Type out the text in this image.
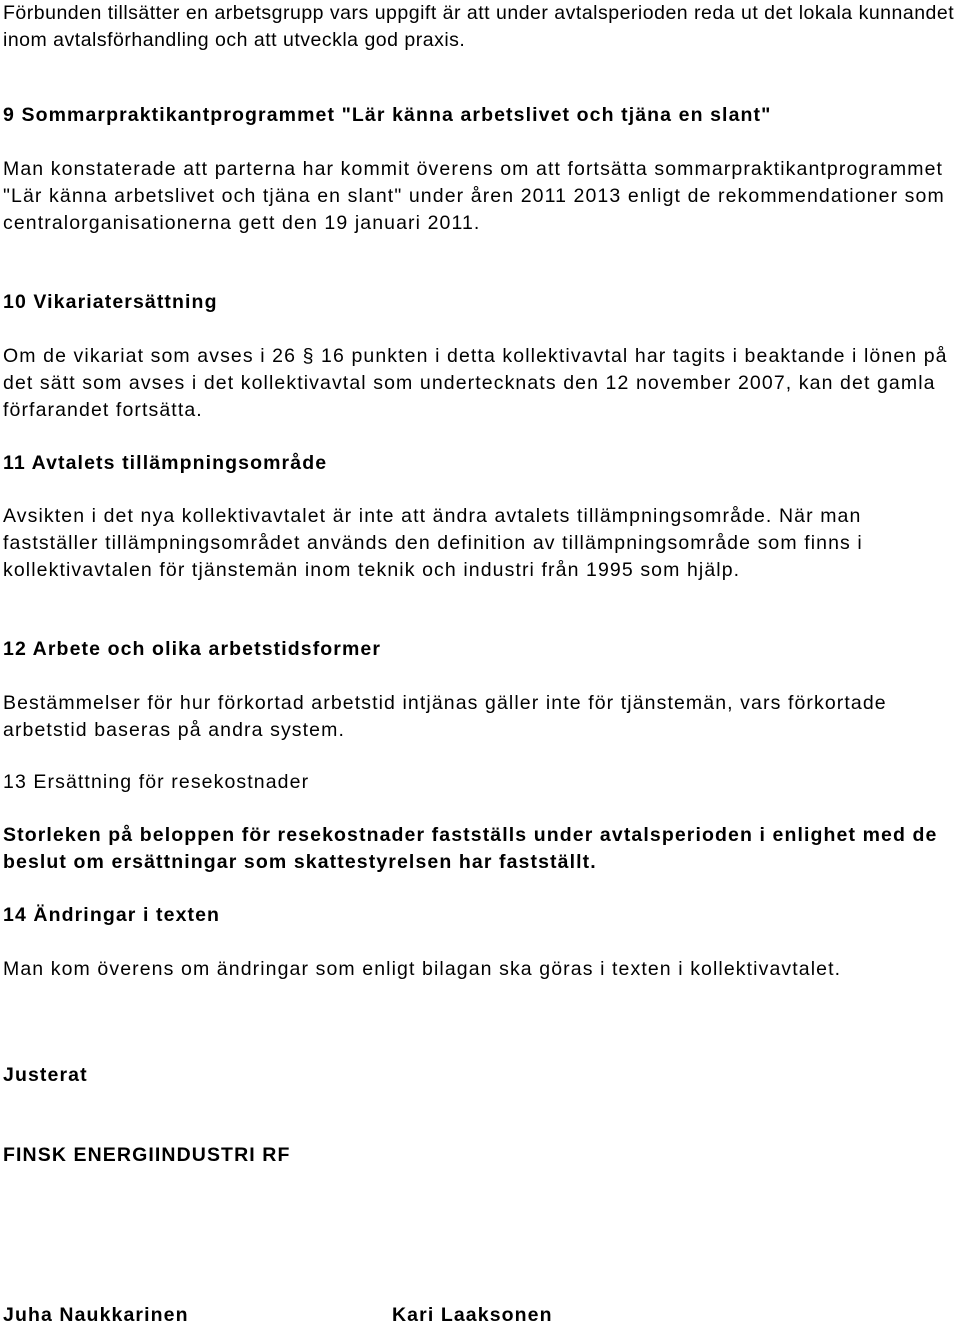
Förbunden tillsätter en arbetsgrupp vars uppgift är att under avtalsperioden reda ut det lokala kunnandet inom avtalsförhandling och att utveckla god praxis.

9 Sommarpraktikantprogrammet "Lär känna arbetslivet och tjäna en slant"

Man konstaterade att parterna har kommit överens om att fortsätta sommarpraktikantprogrammet "Lär känna arbetslivet och tjäna en slant" under åren 2011 2013 enligt de rekommendationer som centralorganisationerna gett den 19 januari 2011.

10 Vikariatersättning

Om de vikariat som avses i 26 § 16 punkten i detta kollektivavtal har tagits i beaktande i lönen på det sätt som avses i det kollektivavtal som undertecknats den 12 november 2007, kan det gamla förfarandet fortsätta.

11 Avtalets tillämpningsområde

Avsikten i det nya kollektivavtalet är inte att ändra avtalets tillämpningsområde. När man fastställer tillämpningsområdet används den definition av tillämpningsområde som finns i kollektivavtalen för tjänstemän inom teknik och industri från 1995 som hjälp.

12 Arbete och olika arbetstidsformer

Bestämmelser för hur förkortad arbetstid intjänas gäller inte för tjänstemän, vars förkortade arbetstid baseras på andra system.

13 Ersättning för resekostnader

Storleken på beloppen för resekostnader fastställs under avtalsperioden i enlighet med de beslut om ersättningar som skattestyrelsen har fastställt.

14 Ändringar i texten

Man kom överens om ändringar som enligt bilagan ska göras i texten i kollektivavtalet.

Justerat

FINSK ENERGIINDUSTRI RF

Juha Naukkarinen	Kari Laaksonen
